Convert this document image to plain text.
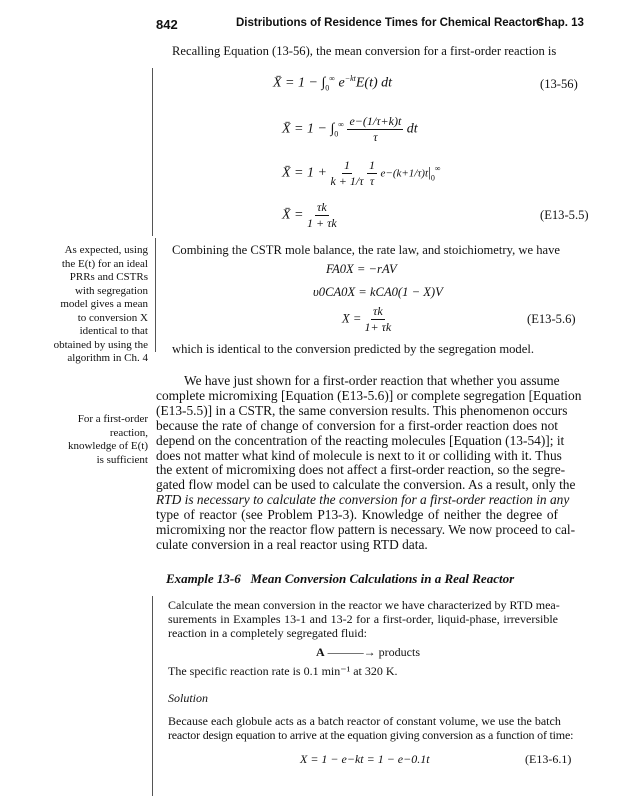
842	Distributions of Residence Times for Chemical Reactors
Chap. 13
Recalling Equation (13-56), the mean conversion for a first-order reaction is
X̄ = $1 - \int_0^\infty$ $e^{-kt}E(t)$ dt	(13-56)
X̄ = $1 - \int_0^\infty \frac{e-(1/\tau+k)t}{\tau}$ dt
X̄ = $1 + \frac{1}{k + 1/\tau}$
$\frac{1}{\tau} e-(k+1/\tau)t|_0^\infty$
X̄ = $\frac{\tau k}{1 + \tau k}$	(E13-5.5)
As expected, using
the E(t) for an ideal
PRRs and CSTRs
with segregation
model gives a mean
to conversion X
identical to that
obtained by using the
algorithm in Ch. 4
Combining the CSTR mole balance, the rate law, and stoichiometry, we have
FA0X = −rAV
υ0CA0X = kCA0(1 − X)V
$X = \frac{\tau k}{1+ \tau k}$	(E13-5.6)
which is identical to the conversion predicted by the segregation model.
We have just shown for a first-order reaction that whether you assume
complete micromixing [Equation (E13-5.6)] or complete segregation [Equation
(E13-5.5)] in a CSTR, the same conversion results. This phenomenon occurs
because the rate of change of conversion for a first-order reaction does not
depend on the concentration of the reacting molecules [Equation (13-54)]; it
does not matter what kind of molecule is next to it or colliding with it. Thus
the extent of micromixing does not affect a first-order reaction, so the segre-
gated flow model can be used to calculate the conversion. As a result, only the
RTD is necessary to calculate the conversion for a first-order reaction in any
type of reactor (see Problem P13-3). Knowledge of neither the degree of
micromixing nor the reactor flow pattern is necessary. We now proceed to cal-
culate conversion in a real reactor using RTD data.
For a first-order
reaction,
knowledge of E(t)
is sufficient
Example 13-6   Mean Conversion Calculations in a Real Reactor
Calculate the mean conversion in the reactor we have characterized by RTD mea-
surements in Examples 13-1 and 13-2 for a first-order, liquid-phase, irreversible
reaction in a completely segregated fluid:
A ———→ products
The specific reaction rate is 0.1 min⁻¹ at 320 K.
Solution
Because each globule acts as a batch reactor of constant volume, we use the batch
reactor design equation to arrive at the equation giving conversion as a function of time:
X = 1 − e−kt = 1 − e−0.1t	(E13-6.1)
